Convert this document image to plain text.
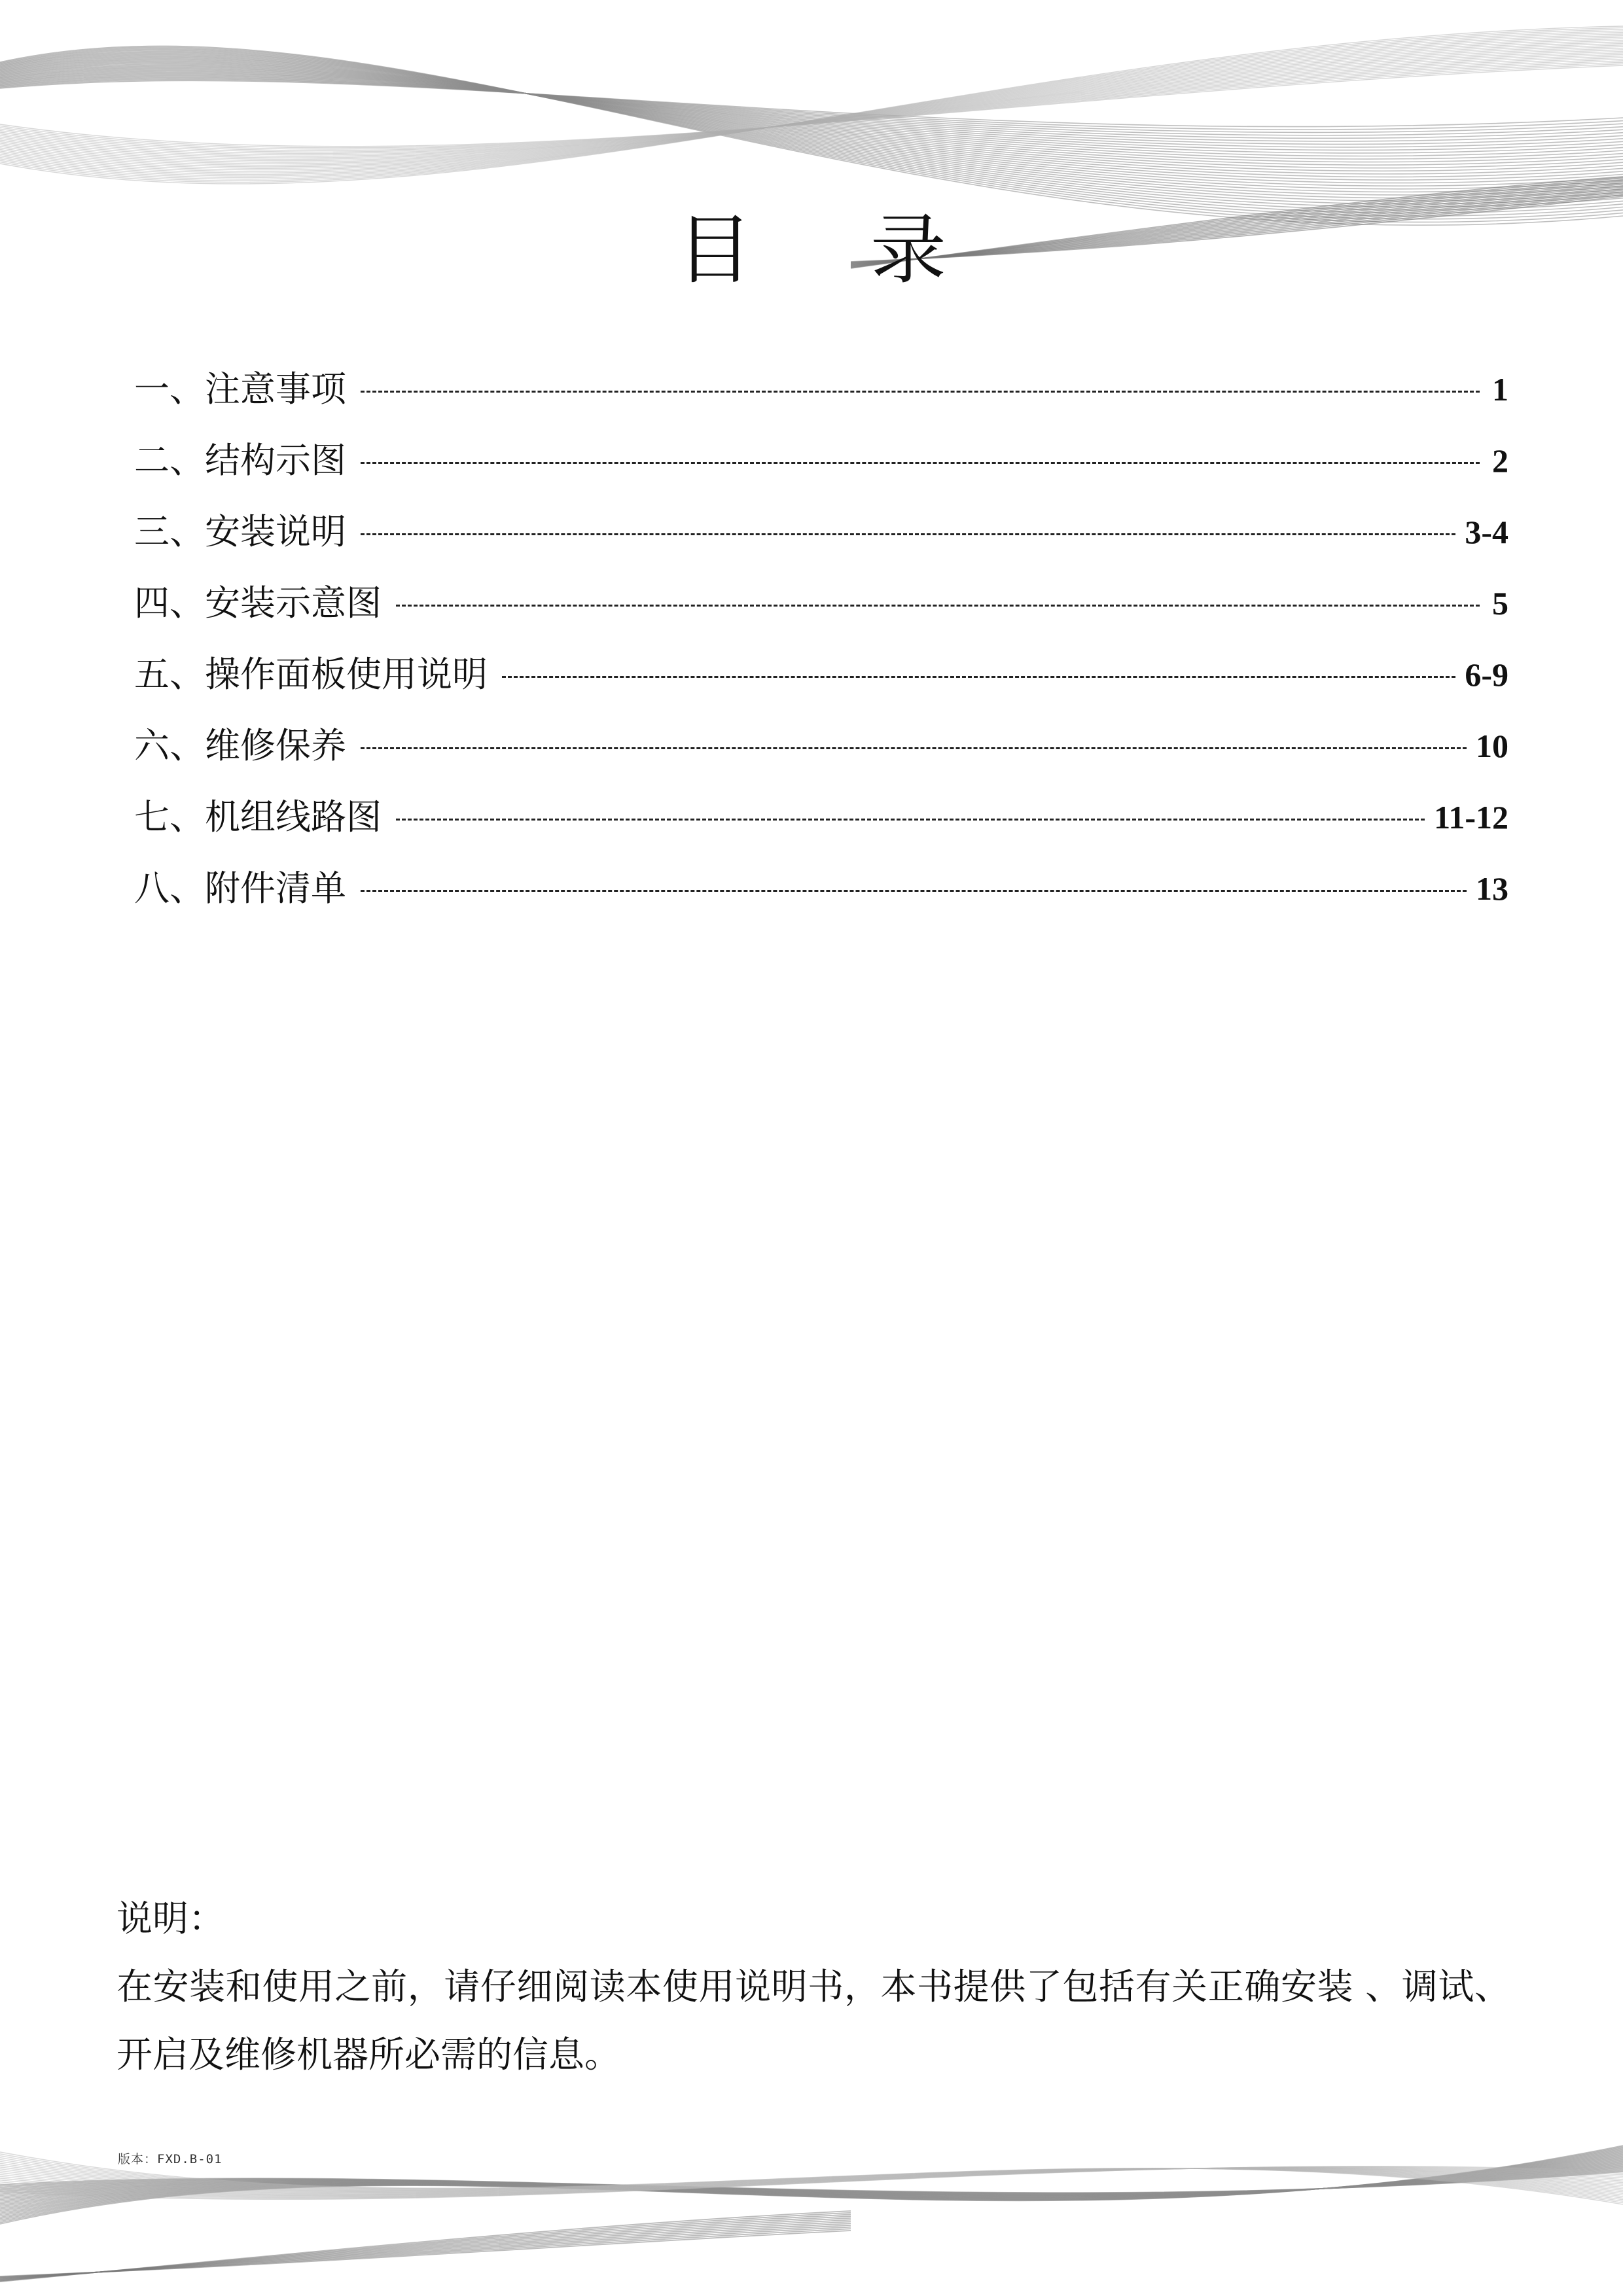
目 录
一、注意事项	1
二、结构示图	2
三、安装说明	3-4
四、安装示意图	5
五、操作面板使用说明	6-9
六、维修保养	10
七、机组线路图	11-12
八、附件清单	13
说明：
在安装和使用之前，请仔细阅读本使用说明书，本书提供了包括有关正确安装 、调试、开启及维修机器所必需的信息。
版本：FXD.B-01
